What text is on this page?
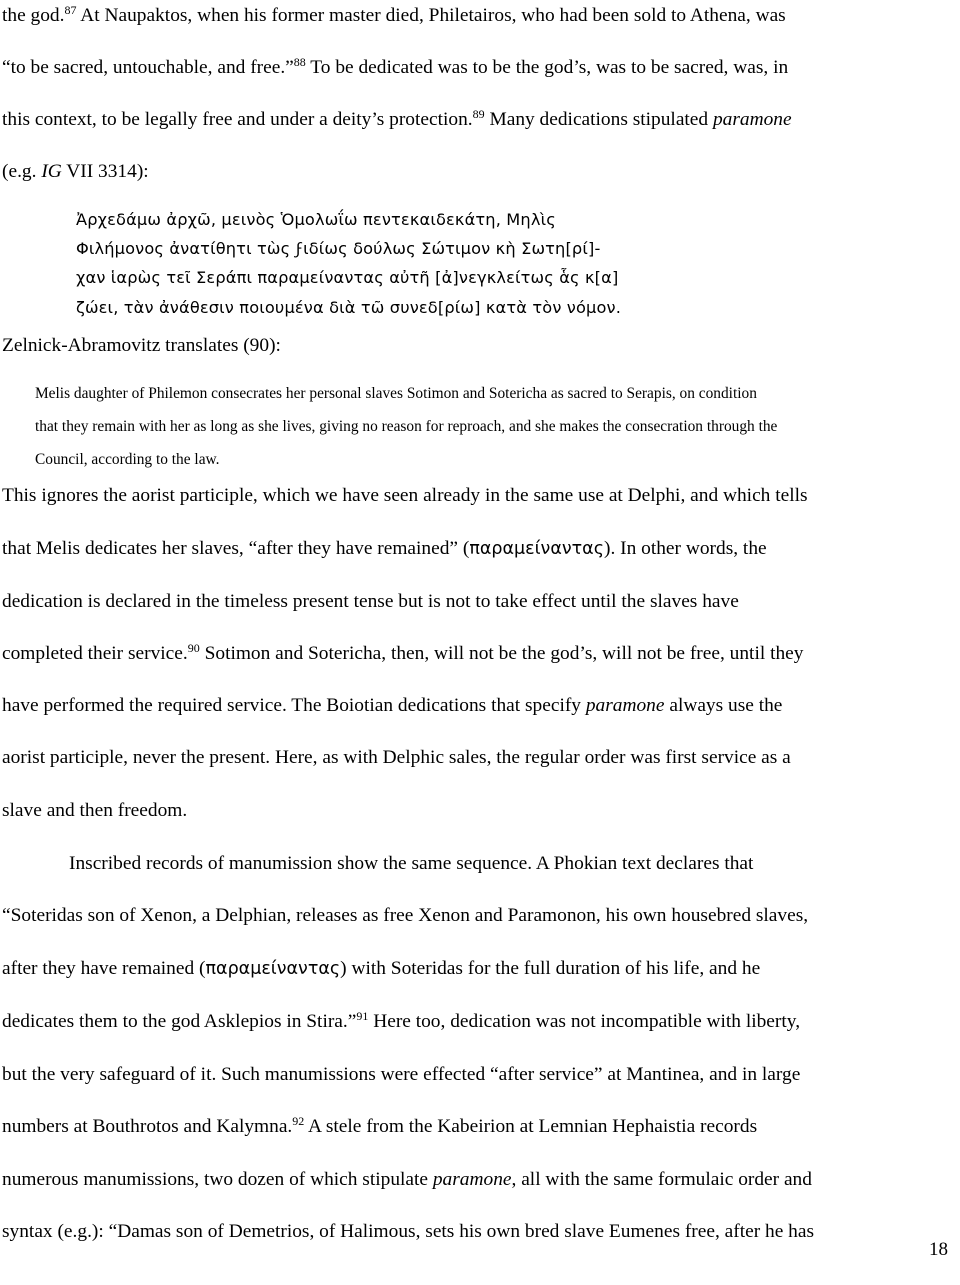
the god.$^{87}$ At Naupaktos, when his former master died, Philetairos, who had been sold to Athena, was
“to be sacred, untouchable, and free.”$^{88}$ To be dedicated was to be the god’s, was to be sacred, was, in
this context, to be legally free and under a deity’s protection.$^{89}$ Many dedications stipulated paramone
(e.g. IG VII 3314):
Ἀρχεδάμω ἀρχῶ, μεινὸς Ὁμολωΐω πεντεκαιδεκάτη, Μηλὶς
Φιλήμονος ἀνατίθητι τὼς ϝιδίως δούλως Σώτιμον κὴ Σωτη[ρί]-
χαν ἱαρὼς τεῖ Σεράπι παραμείναντας αὐτῆ [ἀ]νεγκλείτως ἇς κ[α]
ζώει, τὰν ἀνάθεσιν ποιουμένα διὰ τῶ συνεδ[ρίω] κατὰ τὸν νόμον.
Zelnick-Abramovitz translates (90):
Melis daughter of Philemon consecrates her personal slaves Sotimon and Sotericha as sacred to Serapis, on condition
that they remain with her as long as she lives, giving no reason for reproach, and she makes the consecration through the
Council, according to the law.
This ignores the aorist participle, which we have seen already in the same use at Delphi, and which tells
that Melis dedicates her slaves, “after they have remained” (παραμείναντας). In other words, the
dedication is declared in the timeless present tense but is not to take effect until the slaves have
completed their service.$^{90}$ Sotimon and Sotericha, then, will not be the god’s, will not be free, until they
have performed the required service. The Boiotian dedications that specify paramone always use the
aorist participle, never the present. Here, as with Delphic sales, the regular order was first service as a
slave and then freedom.
Inscribed records of manumission show the same sequence. A Phokian text declares that
“Soteridas son of Xenon, a Delphian, releases as free Xenon and Paramonon, his own housebred slaves,
after they have remained (παραμείναντας) with Soteridas for the full duration of his life, and he
dedicates them to the god Asklepios in Stira.”$^{91}$ Here too, dedication was not incompatible with liberty,
but the very safeguard of it. Such manumissions were effected “after service” at Mantinea, and in large
numbers at Bouthrotos and Kalymna.$^{92}$ A stele from the Kabeirion at Lemnian Hephaistia records
numerous manumissions, two dozen of which stipulate paramone, all with the same formulaic order and
syntax (e.g.): “Damas son of Demetrios, of Halimous, sets his own bred slave Eumenes free, after he has
18
